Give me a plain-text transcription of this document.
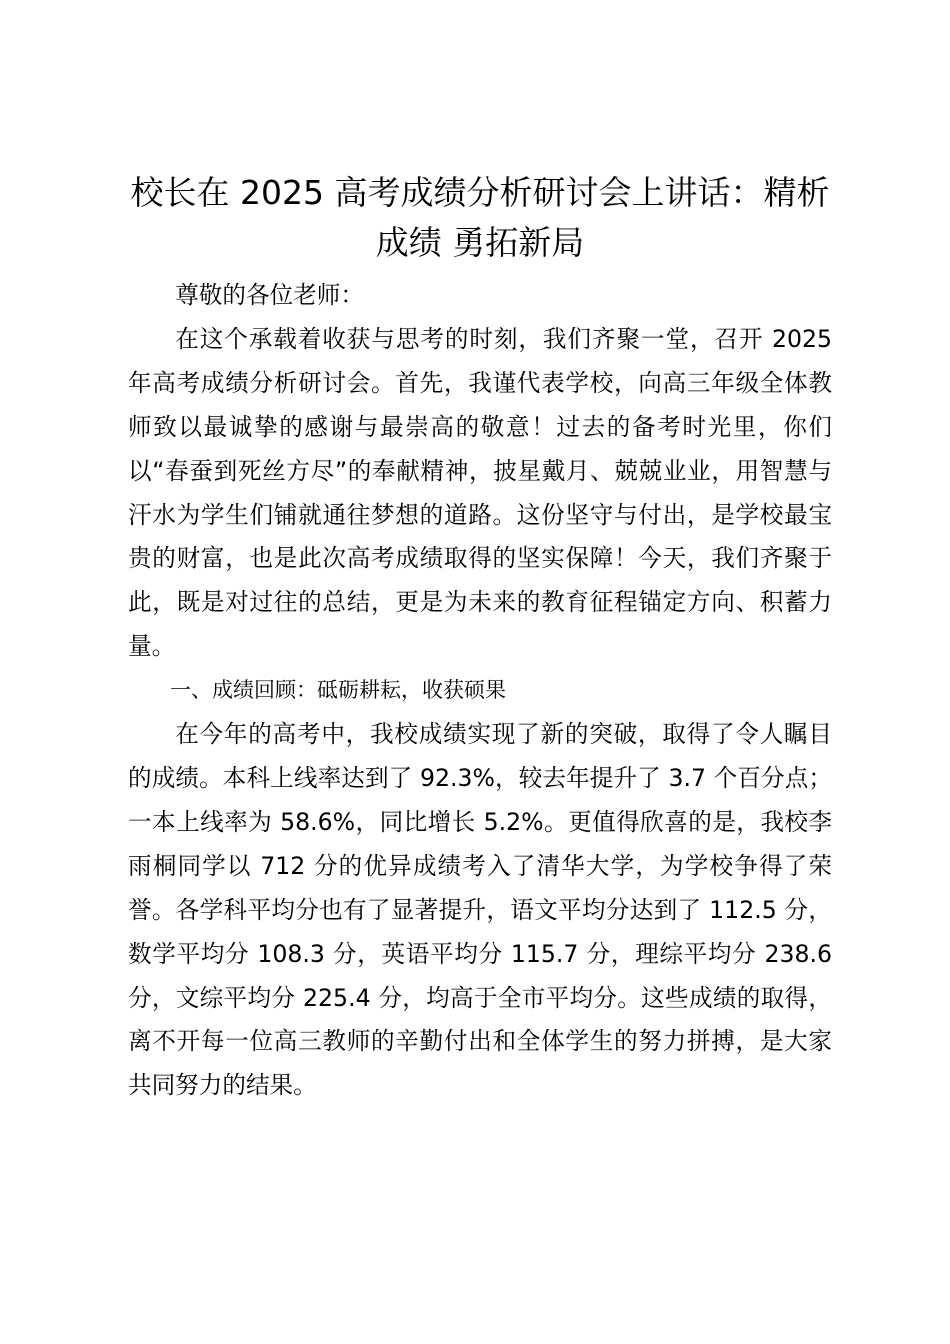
校长在 2025 高考成绩分析研讨会上讲话：精析成绩 勇拓新局

尊敬的各位老师：

在这个承载着收获与思考的时刻，我们齐聚一堂，召开 2025 年高考成绩分析研讨会。首先，我谨代表学校，向高三年级全体教师致以最诚挚的感谢与最崇高的敬意！过去的备考时光里，你们以“春蚕到死丝方尽”的奉献精神，披星戴月、兢兢业业，用智慧与汗水为学生们铺就通往梦想的道路。这份坚守与付出，是学校最宝贵的财富，也是此次高考成绩取得的坚实保障！今天，我们齐聚于此，既是对过往的总结，更是为未来的教育征程锚定方向、积蓄力量。

一、成绩回顾：砥砺耕耘，收获硕果

在今年的高考中，我校成绩实现了新的突破，取得了令人瞩目的成绩。本科上线率达到了 92.3%，较去年提升了 3.7 个百分点；一本上线率为 58.6%，同比增长 5.2%。更值得欣喜的是，我校李雨桐同学以 712 分的优异成绩考入了清华大学，为学校争得了荣誉。各学科平均分也有了显著提升，语文平均分达到了 112.5 分，数学平均分 108.3 分，英语平均分 115.7 分，理综平均分 238.6 分，文综平均分 225.4 分，均高于全市平均分。这些成绩的取得，离不开每一位高三教师的辛勤付出和全体学生的努力拼搏，是大家共同努力的结果。
